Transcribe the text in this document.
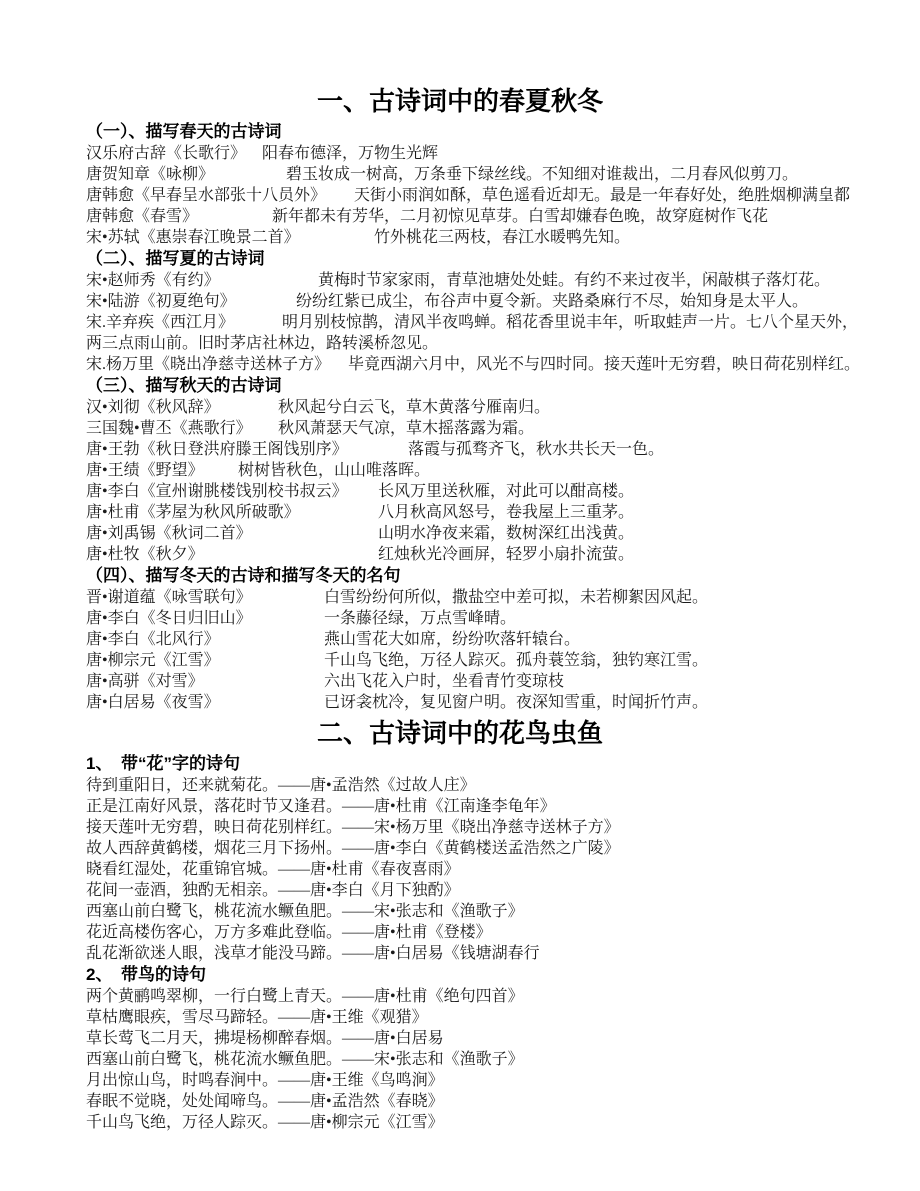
一、古诗词中的春夏秋冬
（一）、描写春天的古诗词

汉乐府古辞《长歌行》 阳春布德泽，万物生光辉

唐贺知章《咏柳》	碧玉妆成一树高，万条垂下绿丝线。不知细对谁裁出，二月春风似剪刀。

唐韩愈《早春呈水部张十八员外》 天街小雨润如酥，草色遥看近却无。最是一年春好处，绝胜烟柳满皇都

唐韩愈《春雪》	新年都未有芳华，二月初惊见草芽。白雪却嫌春色晚，故穿庭树作飞花

宋•苏轼《惠崇春江晚景二首》	竹外桃花三两枝，春江水暖鸭先知。

（二）、描写夏的古诗词

宋•赵师秀《有约》	黄梅时节家家雨，青草池塘处处蛙。有约不来过夜半，闲敲棋子落灯花。

宋•陆游《初夏绝句》	纷纷红紫已成尘，布谷声中夏令新。夹路桑麻行不尽，始知身是太平人。

宋.辛弃疾《西江月》	明月别枝惊鹊，清风半夜鸣蝉。稻花香里说丰年，听取蛙声一片。七八个星天外，两三点雨山前。旧时茅店社林边，路转溪桥忽见。

宋.杨万里《晓出净慈寺送林子方》 毕竟西湖六月中，风光不与四时同。接天莲叶无穷碧，映日荷花别样红。

（三）、描写秋天的古诗词

汉•刘彻《秋风辞》	秋风起兮白云飞，草木黄落兮雁南归。

三国魏•曹丕《燕歌行》 秋风萧瑟天气凉，草木摇落露为霜。

唐•王勃《秋日登洪府滕王阁饯别序》	落霞与孤骛齐飞，秋水共长天一色。

唐•王绩《野望》 树树皆秋色，山山唯落晖。

唐•李白《宣州谢朓楼饯别校书叔云》 长风万里送秋雁，对此可以酣高楼。

唐•杜甫《茅屋为秋风所破歌》	八月秋高风怒号，卷我屋上三重茅。

唐•刘禹锡《秋词二首》	山明水净夜来霜，数树深红出浅黄。

唐•杜牧《秋夕》	红烛秋光冷画屏，轻罗小扇扑流萤。

（四）、描写冬天的古诗和描写冬天的名句

晋•谢道蕴《咏雪联句》	白雪纷纷何所似，撒盐空中差可拟，未若柳絮因风起。

唐•李白《冬日归旧山》	一条藤径绿，万点雪峰晴。

唐•李白《北风行》	燕山雪花大如席，纷纷吹落轩辕台。

唐•柳宗元《江雪》	千山鸟飞绝，万径人踪灭。孤舟蓑笠翁，独钓寒江雪。

唐•高骈《对雪》	六出飞花入户时，坐看青竹变琼枝

唐•白居易《夜雪》	已讶衾枕冷，复见窗户明。夜深知雪重，时闻折竹声。

二、古诗词中的花鸟虫鱼
1、　带“花”字的诗句

待到重阳日，还来就菊花。——唐•孟浩然《过故人庄》

正是江南好风景，落花时节又逢君。——唐•杜甫《江南逢李龟年》

接天莲叶无穷碧，映日荷花别样红。——宋•杨万里《晓出净慈寺送林子方》

故人西辞黄鹤楼，烟花三月下扬州。——唐•李白《黄鹤楼送孟浩然之广陵》

晓看红湿处，花重锦官城。——唐•杜甫《春夜喜雨》

花间一壶酒，独酌无相亲。——唐•李白《月下独酌》

西塞山前白鹭飞，桃花流水鳜鱼肥。——宋•张志和《渔歌子》

花近高楼伤客心，万方多难此登临。——唐•杜甫《登楼》

乱花渐欲迷人眼，浅草才能没马蹄。——唐•白居易《钱塘湖春行

2、　带鸟的诗句

两个黄鹂鸣翠柳，一行白鹭上青天。——唐•杜甫《绝句四首》

草枯鹰眼疾，雪尽马蹄轻。——唐•王维《观猎》

草长莺飞二月天，拂堤杨柳醉春烟。——唐•白居易

西塞山前白鹭飞，桃花流水鳜鱼肥。——宋•张志和《渔歌子》

月出惊山鸟，时鸣春涧中。——唐•王维《鸟鸣涧》

春眠不觉晓，处处闻啼鸟。——唐•孟浩然《春晓》

千山鸟飞绝，万径人踪灭。——唐•柳宗元《江雪》
